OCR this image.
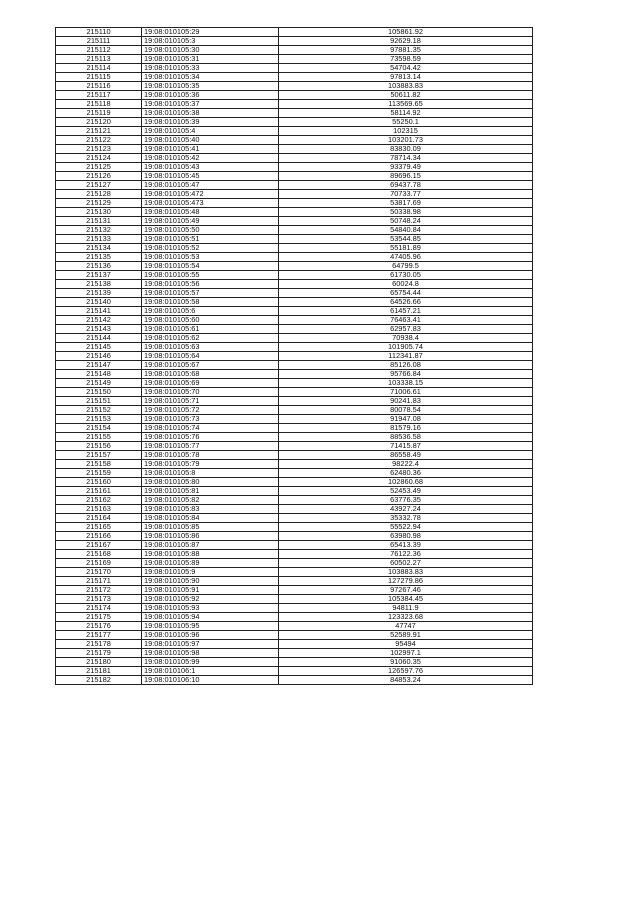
215110	19:08:010105:29	105861.92
215111	19:08:010105:3	92629.18
215112	19:08:010105:30	97881.35
215113	19:08:010105:31	73598.59
215114	19:08:010105:33	54704.42
215115	19:08:010105:34	97813.14
215116	19:08:010105:35	103883.83
215117	19:08:010105:36	50611.82
215118	19:08:010105:37	113569.65
215119	19:08:010105:38	58114.92
215120	19:08:010105:39	55250.1
215121	19:08:010105:4	102315
215122	19:08:010105:40	103201.73
215123	19:08:010105:41	83830.09
215124	19:08:010105:42	78714.34
215125	19:08:010105:43	93379.49
215126	19:08:010105:45	89696.15
215127	19:08:010105:47	69437.78
215128	19:08:010105:472	70733.77
215129	19:08:010105:473	53817.69
215130	19:08:010105:48	50338.98
215131	19:08:010105:49	50748.24
215132	19:08:010105:50	54840.84
215133	19:08:010105:51	53544.85
215134	19:08:010105:52	55181.89
215135	19:08:010105:53	47405.96
215136	19:08:010105:54	64799.5
215137	19:08:010105:55	61730.05
215138	19:08:010105:56	60024.8
215139	19:08:010105:57	65754.44
215140	19:08:010105:58	64526.66
215141	19:08:010105:6	61457.21
215142	19:08:010105:60	76463.41
215143	19:08:010105:61	62957.83
215144	19:08:010105:62	70938.4
215145	19:08:010105:63	101905.74
215146	19:08:010105:64	112341.87
215147	19:08:010105:67	85126.08
215148	19:08:010105:68	95766.84
215149	19:08:010105:69	103338.15
215150	19:08:010105:70	71006.61
215151	19:08:010105:71	90241.83
215152	19:08:010105:72	80078.54
215153	19:08:010105:73	91947.08
215154	19:08:010105:74	81579.16
215155	19:08:010105:76	88536.58
215156	19:08:010105:77	71415.87
215157	19:08:010105:78	86558.49
215158	19:08:010105:79	98222.4
215159	19:08:010105:8	62480.36
215160	19:08:010105:80	102860.68
215161	19:08:010105:81	52453.49
215162	19:08:010105:82	63776.35
215163	19:08:010105:83	43927.24
215164	19:08:010105:84	35332.78
215165	19:08:010105:85	55522.94
215166	19:08:010105:86	63980.98
215167	19:08:010105:87	65413.39
215168	19:08:010105:88	76122.36
215169	19:08:010105:89	60502.27
215170	19:08:010105:9	103883.83
215171	19:08:010105:90	127279.86
215172	19:08:010105:91	97267.46
215173	19:08:010105:92	105384.45
215174	19:08:010105:93	94811.9
215175	19:08:010105:94	123323.68
215176	19:08:010105:95	47747
215177	19:08:010105:96	52589.91
215178	19:08:010105:97	95494
215179	19:08:010105:98	102997.1
215180	19:08:010105:99	91060.35
215181	19:08:010106:1	126597.76
215182	19:08:010106:10	84853.24
